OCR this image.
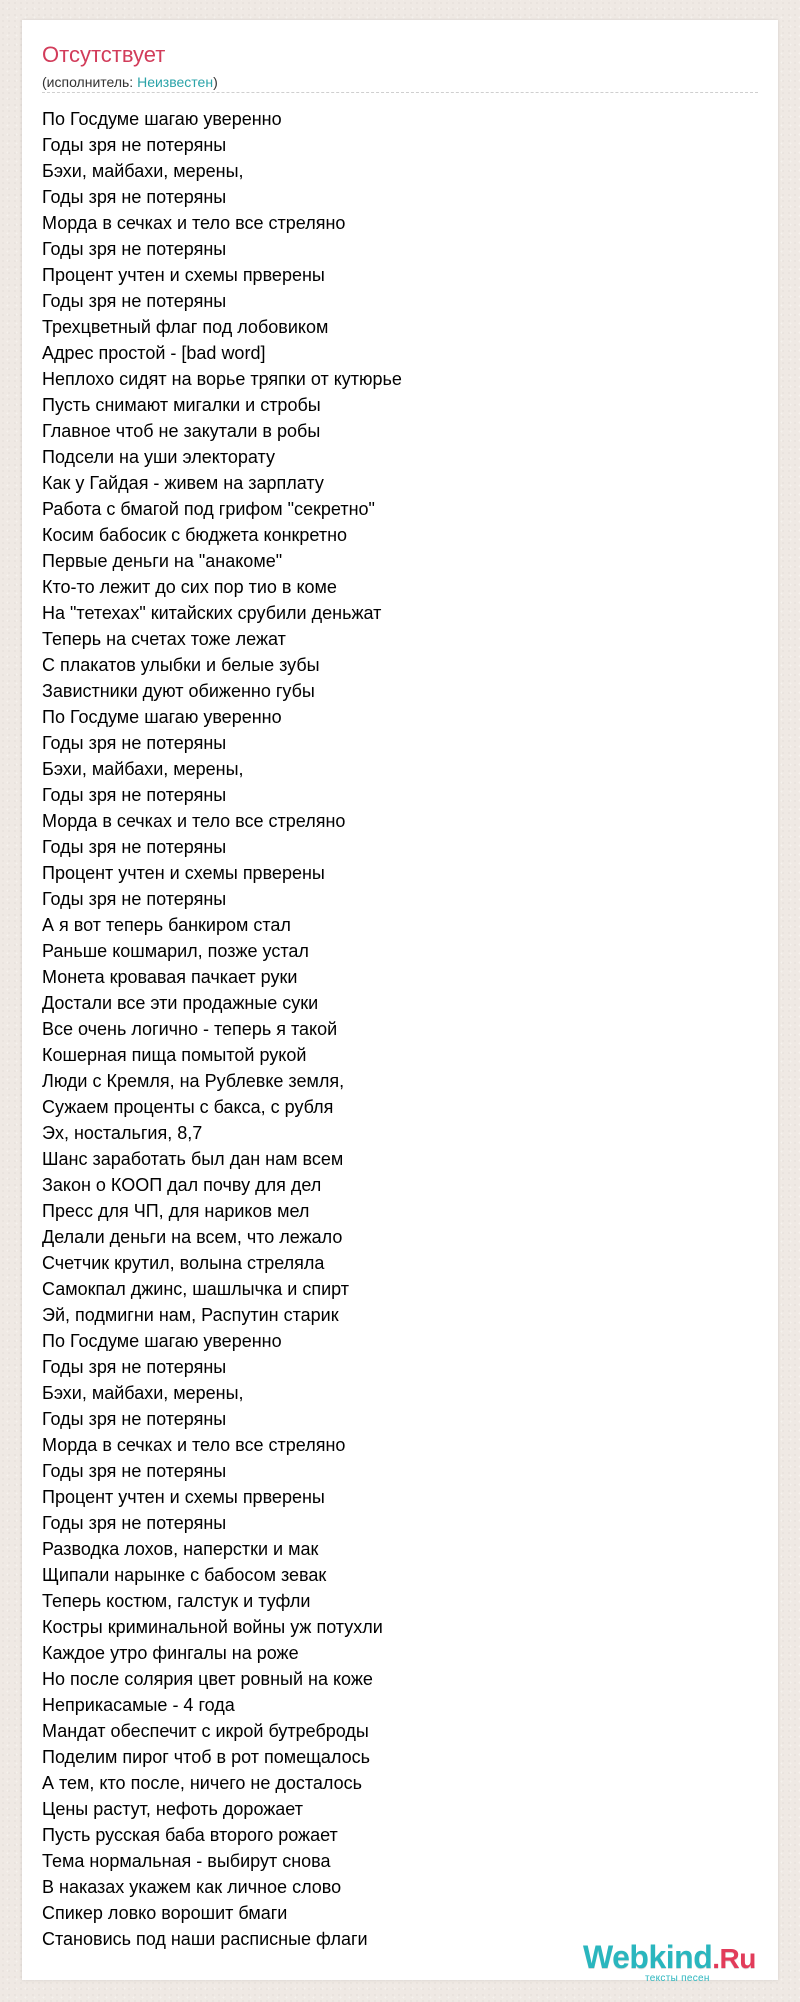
Отсутствует
(исполнитель: Неизвестен)
По Госдуме шагаю уверенно
Годы зря не потеряны
Бэхи, майбахи, мерены,
Годы зря не потеряны
Морда в сечках и тело все стреляно
Годы зря не потеряны
Процент учтен и схемы прверены
Годы зря не потеряны
Трехцветный флаг под лобовиком
Адрес простой - [bad word]
Неплохо сидят на ворье тряпки от кутюрье
Пусть снимают мигалки и стробы
Главное чтоб не закутали в робы
Подсели на уши электорату
Как у Гайдая - живем на зарплату
Работа с бмагой под грифом "секретно"
Косим бабосик с бюджета конкретно
Первые деньги на "анакоме"
Кто-то лежит до сих пор тио в коме
На "тетехах" китайских срубили деньжат
Теперь на счетах тоже лежат
С плакатов улыбки и белые зубы
Завистники дуют обиженно губы
По Госдуме шагаю уверенно
Годы зря не потеряны
Бэхи, майбахи, мерены,
Годы зря не потеряны
Морда в сечках и тело все стреляно
Годы зря не потеряны
Процент учтен и схемы прверены
Годы зря не потеряны
А я вот теперь банкиром стал
Раньше кошмарил, позже устал
Монета кровавая пачкает руки
Достали все эти продажные суки
Все очень логично - теперь я такой
Кошерная пища помытой рукой
Люди с Кремля, на Рублевке земля,
Сужаем проценты с бакса, с рубля
Эх, ностальгия, 8,7
Шанс заработать был дан нам всем
Закон о КООП дал почву для дел
Пресс для ЧП, для нариков мел
Делали деньги на всем, что лежало
Счетчик крутил, волына стреляла
Самокпал джинс, шашлычка и спирт
Эй, подмигни нам, Распутин старик
По Госдуме шагаю уверенно
Годы зря не потеряны
Бэхи, майбахи, мерены,
Годы зря не потеряны
Морда в сечках и тело все стреляно
Годы зря не потеряны
Процент учтен и схемы прверены
Годы зря не потеряны
Разводка лохов, наперстки и мак
Щипали нарынке с бабосом зевак
Теперь костюм, галстук и туфли
Костры криминальной войны уж потухли
Каждое утро фингалы на роже
Но после солярия цвет ровный на коже
Неприкасамые - 4 года
Мандат обеспечит с икрой бутреброды
Поделим пирог чтоб в рот помещалось
А тем, кто после, ничего не досталось
Цены растут, нефоть дорожает
Пусть русская баба второго рожает
Тема нормальная - выбирут снова
В наказах укажем как личное слово
Спикер ловко ворошит бмаги
Становись под наши расписные флаги	Webkind.Ru
тексты песен
